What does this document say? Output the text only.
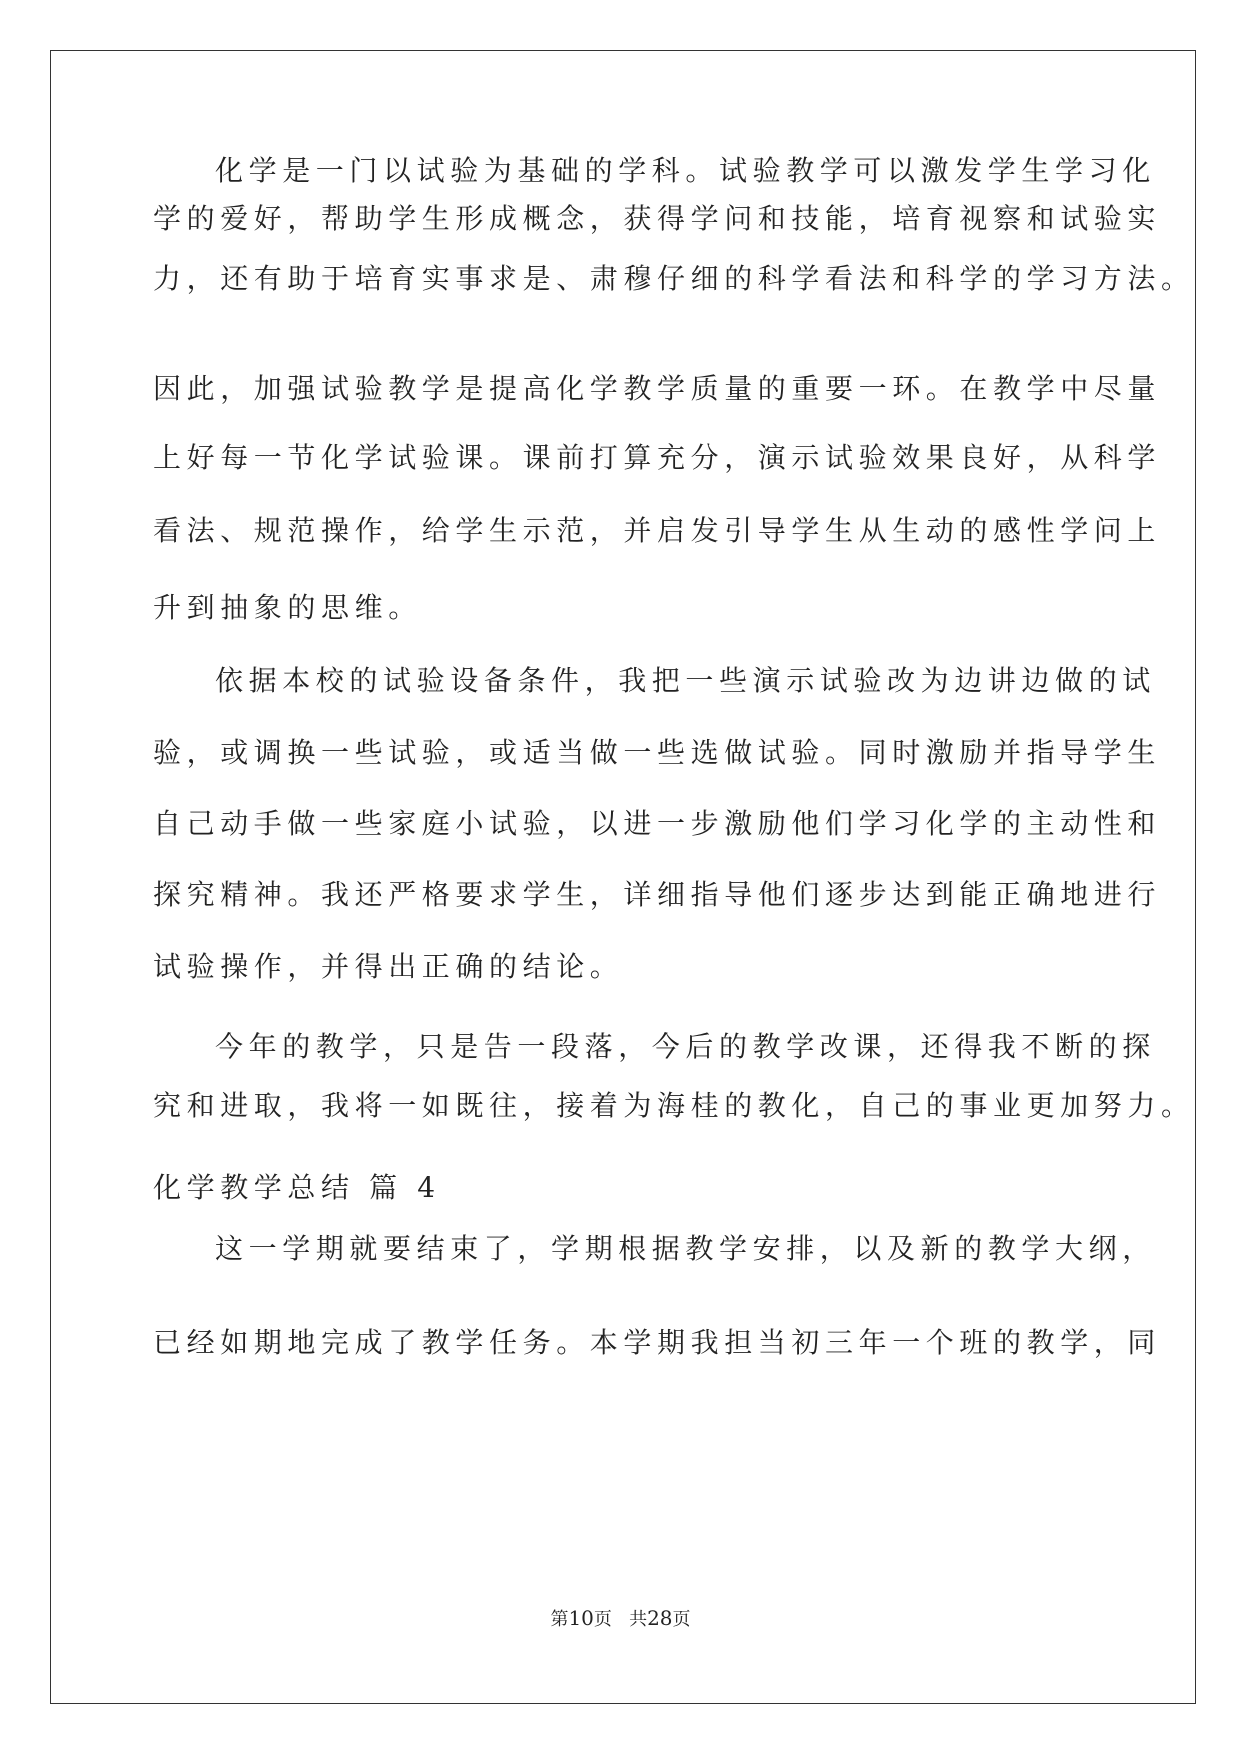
化学是一门以试验为基础的学科。试验教学可以激发学生学习化
学的爱好，帮助学生形成概念，获得学问和技能，培育视察和试验实
力，还有助于培育实事求是、肃穆仔细的科学看法和科学的学习方法。
因此，加强试验教学是提高化学教学质量的重要一环。在教学中尽量
上好每一节化学试验课。课前打算充分，演示试验效果良好，从科学
看法、规范操作，给学生示范，并启发引导学生从生动的感性学问上
升到抽象的思维。
依据本校的试验设备条件，我把一些演示试验改为边讲边做的试
验，或调换一些试验，或适当做一些选做试验。同时激励并指导学生
自己动手做一些家庭小试验，以进一步激励他们学习化学的主动性和
探究精神。我还严格要求学生，详细指导他们逐步达到能正确地进行
试验操作，并得出正确的结论。
今年的教学，只是告一段落，今后的教学改课，还得我不断的探
究和进取，我将一如既往，接着为海桂的教化，自己的事业更加努力。
化学教学总结 篇 4
这一学期就要结束了，学期根据教学安排，以及新的教学大纲，
已经如期地完成了教学任务。本学期我担当初三年一个班的教学，同
第10页   共28页
